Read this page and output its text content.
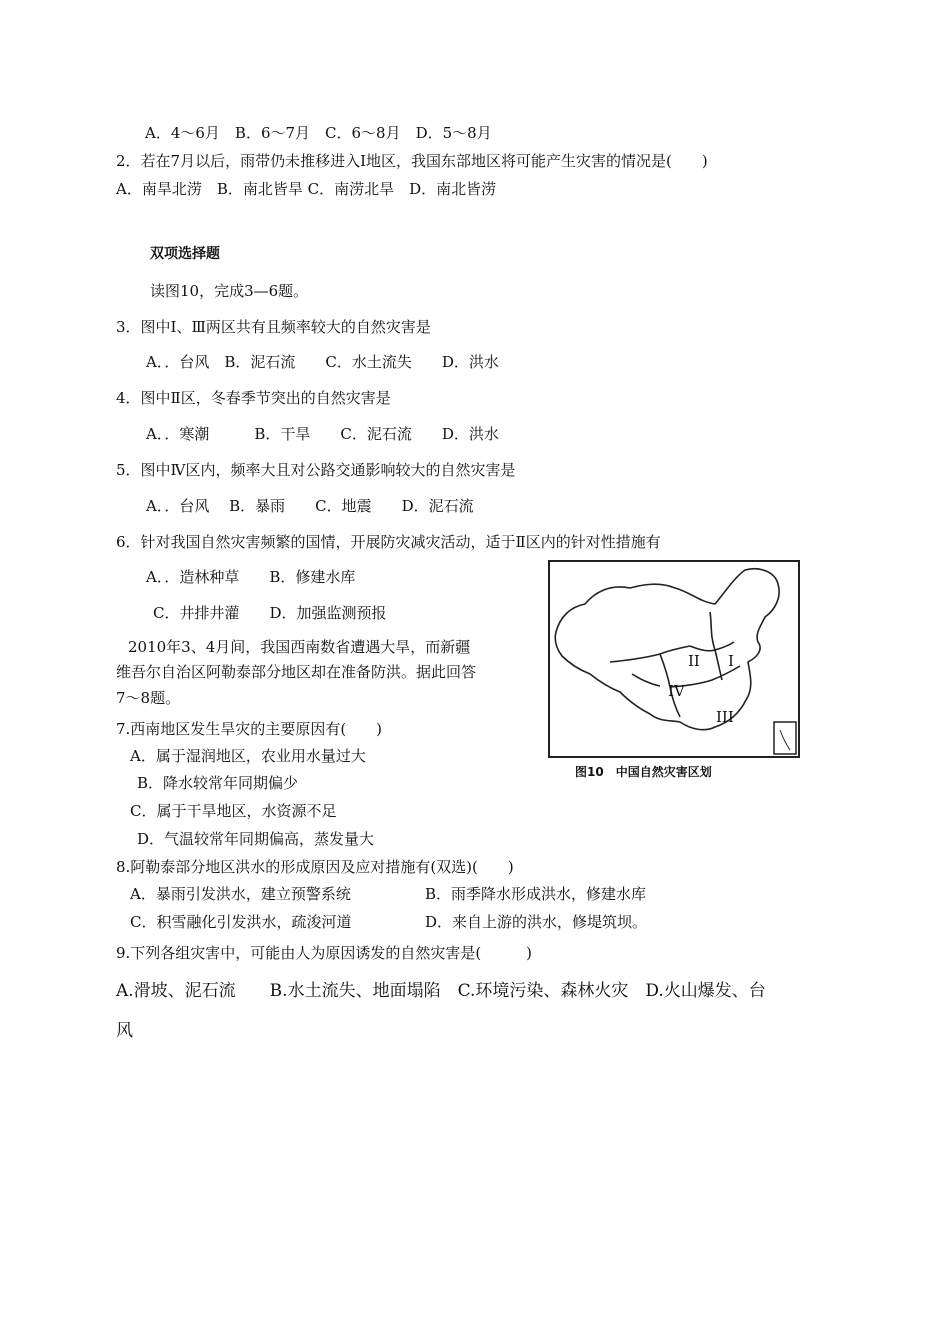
A．4～6月　B．6～7月　C．6～8月　D．5～8月
2．若在7月以后，雨带仍未推移进入Ⅰ地区，我国东部地区将可能产生灾害的情况是(　　)
A．南旱北涝　B．南北皆旱 C．南涝北旱　D．南北皆涝
双项选择题
读图10，完成3—6题。
3．图中Ⅰ、Ⅲ两区共有且频率较大的自然灾害是
A．．台风　B．泥石流　　C．水土流失　　D．洪水
4．图中Ⅱ区，冬春季节突出的自然灾害是
A．．寒潮　　　B．干旱　　C．泥石流　　D．洪水
5．图中Ⅳ区内，频率大且对公路交通影响较大的自然灾害是
A．．台风　 B．暴雨　　C．地震　　D．泥石流
6．针对我国自然灾害频繁的国情，开展防灾减灾活动，适于Ⅱ区内的针对性措施有
A．．造林种草　　B．修建水库
C．井排井灌　　D．加强监测预报
2010年3、4月间，我国西南数省遭遇大旱，而新疆
维吾尔自治区阿勒泰部分地区却在准备防洪。据此回答
7～8题。
7.西南地区发生旱灾的主要原因有(　　)
A．属于湿润地区，农业用水量过大
B．降水较常年同期偏少
C．属于干旱地区，水资源不足
D．气温较常年同期偏高，蒸发量大
8.阿勒泰部分地区洪水的形成原因及应对措施有(双选)(　　)
A．暴雨引发洪水，建立预警系统	B．雨季降水形成洪水，修建水库
C．积雪融化引发洪水，疏浚河道	D．来自上游的洪水，修堤筑坝。
9.下列各组灾害中，可能由人为原因诱发的自然灾害是(　　　)
A.滑坡、泥石流　　B.水土流失、地面塌陷　C.环境污染、森林火灾　D.火山爆发、台
风
II I
IV
III
图10　中国自然灾害区划
